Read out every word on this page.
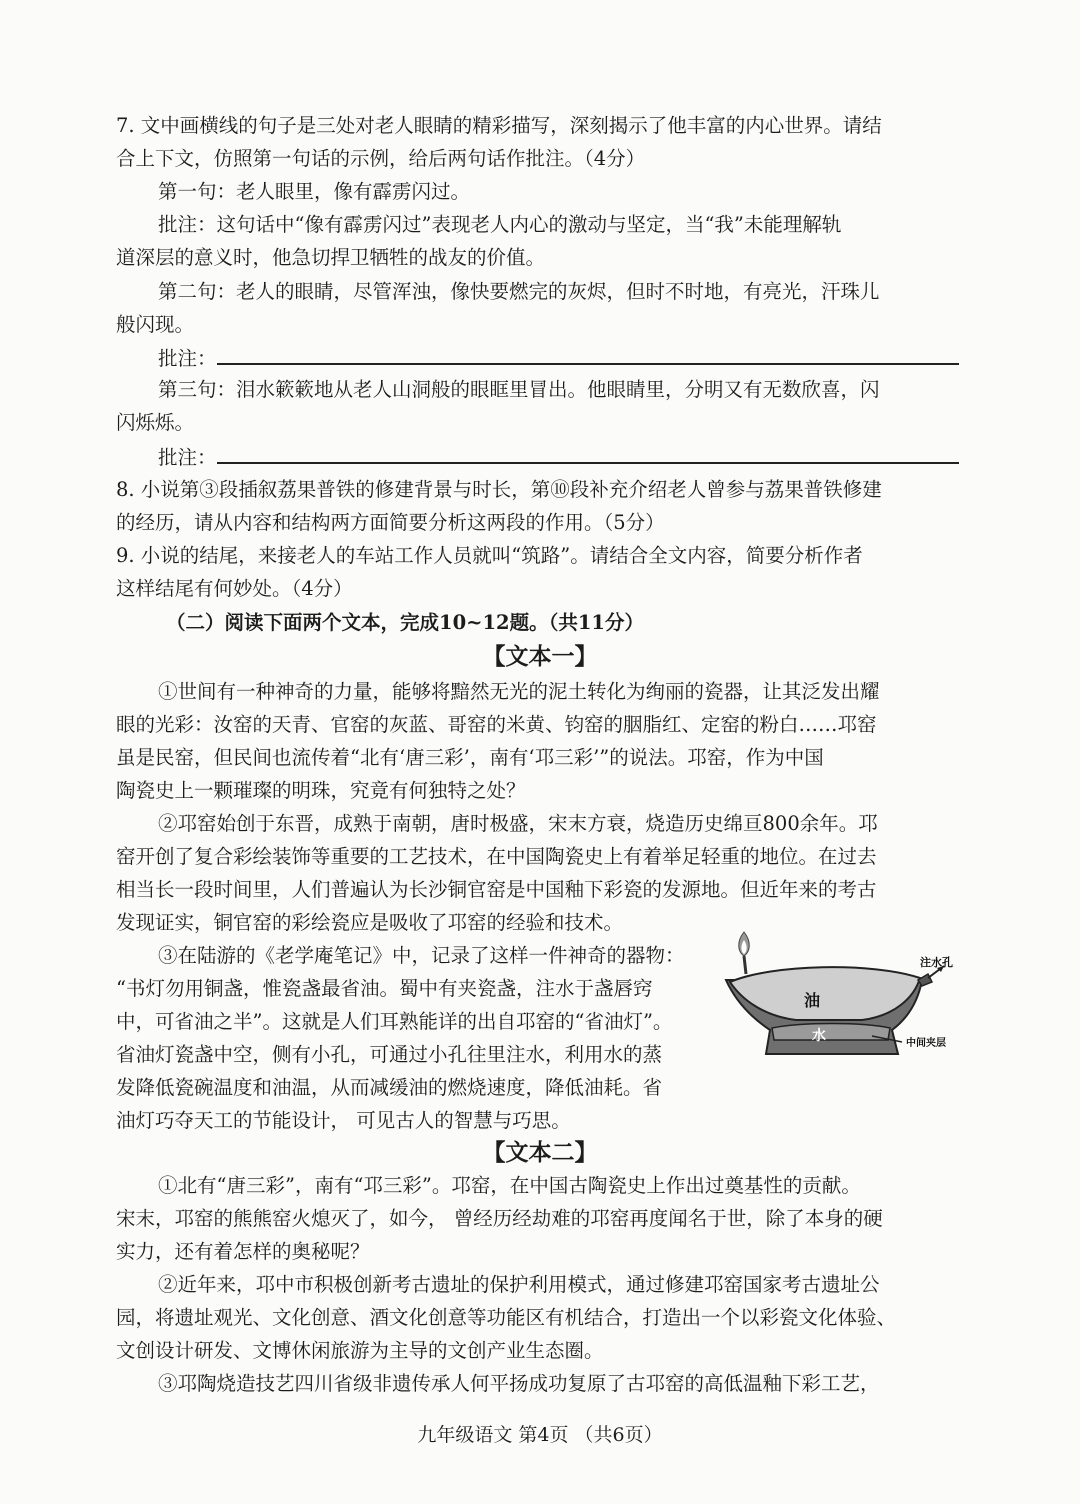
7. 文中画横线的句子是三处对老人眼睛的精彩描写，深刻揭示了他丰富的内心世界。请结
合上下文，仿照第一句话的示例，给后两句话作批注。（4分）
第一句：老人眼里，像有霹雳闪过。
批注：这句话中“像有霹雳闪过”表现老人内心的激动与坚定，当“我”未能理解轨
道深层的意义时，他急切捍卫牺牲的战友的价值。
第二句：老人的眼睛，尽管浑浊，像快要燃完的灰烬，但时不时地，有亮光，汗珠儿
般闪现。
批注：
第三句：泪水簌簌地从老人山洞般的眼眶里冒出。他眼睛里，分明又有无数欣喜，闪
闪烁烁。
批注：
8. 小说第③段插叙荔果普铁的修建背景与时长，第⑩段补充介绍老人曾参与荔果普铁修建
的经历，请从内容和结构两方面简要分析这两段的作用。（5分）
9. 小说的结尾，来接老人的车站工作人员就叫“筑路”。请结合全文内容，简要分析作者
这样结尾有何妙处。（4分）
（二）阅读下面两个文本，完成10~12题。（共11分）
【文本一】
①世间有一种神奇的力量，能够将黯然无光的泥土转化为绚丽的瓷器，让其泛发出耀
眼的光彩：汝窑的天青、官窑的灰蓝、哥窑的米黄、钧窑的胭脂红、定窑的粉白……邛窑
虽是民窑，但民间也流传着“北有‘唐三彩’，南有‘邛三彩’”的说法。邛窑，作为中国
陶瓷史上一颗璀璨的明珠，究竟有何独特之处？
②邛窑始创于东晋，成熟于南朝，唐时极盛，宋末方衰，烧造历史绵亘800余年。邛
窑开创了复合彩绘装饰等重要的工艺技术，在中国陶瓷史上有着举足轻重的地位。在过去
相当长一段时间里，人们普遍认为长沙铜官窑是中国釉下彩瓷的发源地。但近年来的考古
发现证实，铜官窑的彩绘瓷应是吸收了邛窑的经验和技术。
③在陆游的《老学庵笔记》中，记录了这样一件神奇的器物：
“书灯勿用铜盏，惟瓷盏最省油。蜀中有夹瓷盏，注水于盏唇窍
中，可省油之半”。这就是人们耳熟能详的出自邛窑的“省油灯”。
省油灯瓷盏中空，侧有小孔，可通过小孔往里注水，利用水的蒸
发降低瓷碗温度和油温，从而减缓油的燃烧速度，降低油耗。省
油灯巧夺天工的节能设计， 可见古人的智慧与巧思。
注水孔
油
水	中间夹层
【文本二】
①北有“唐三彩”，南有“邛三彩”。邛窑，在中国古陶瓷史上作出过奠基性的贡献。
宋末，邛窑的熊熊窑火熄灭了，如今， 曾经历经劫难的邛窑再度闻名于世，除了本身的硬
实力，还有着怎样的奥秘呢？
②近年来，邛中市积极创新考古遗址的保护利用模式，通过修建邛窑国家考古遗址公
园，将遗址观光、文化创意、酒文化创意等功能区有机结合，打造出一个以彩瓷文化体验、
文创设计研发、文博休闲旅游为主导的文创产业生态圈。
③邛陶烧造技艺四川省级非遗传承人何平扬成功复原了古邛窑的高低温釉下彩工艺，
九年级语文 第4页 （共6页）
